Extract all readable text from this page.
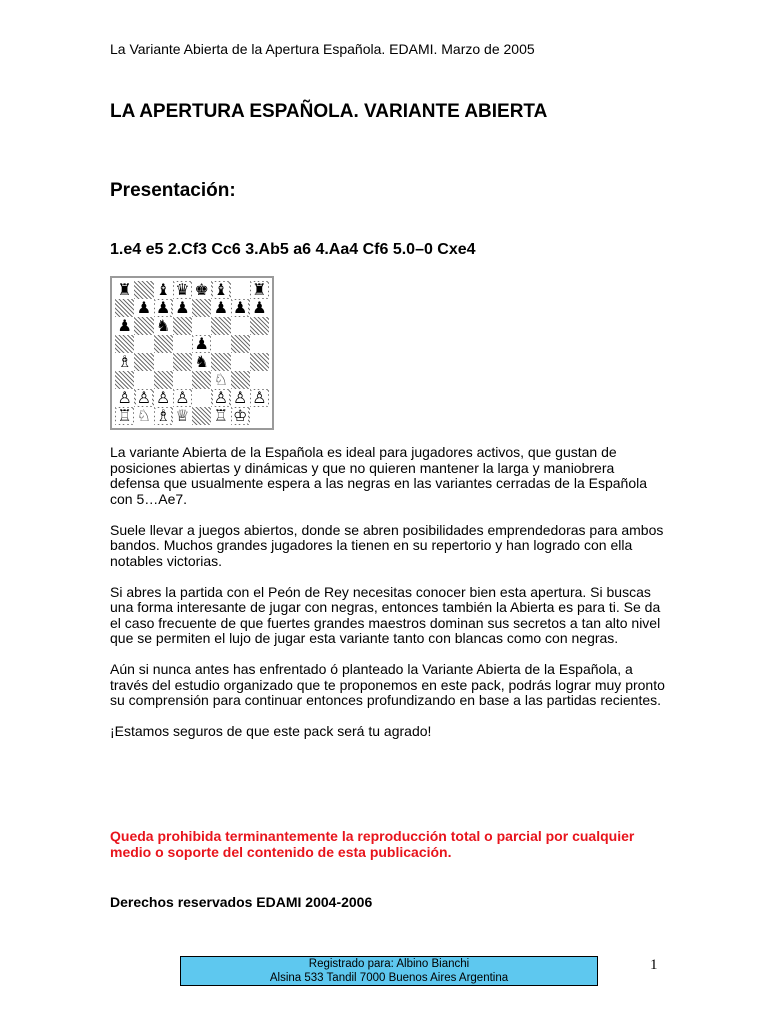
La Variante Abierta de la Apertura Española. EDAMI. Marzo de 2005
LA APERTURA ESPAÑOLA. VARIANTE ABIERTA
Presentación:
1.e4 e5 2.Cf3 Cc6 3.Ab5 a6 4.Aa4 Cf6 5.0–0 Cxe4
♜ ♝ ♛ ♚ ♝ ♜
♟ ♟ ♟ ♟ ♟ ♟
♟ ♞
♟
♗	♞
♘
♙ ♙ ♙ ♙ ♙ ♙ ♙
♖ ♘ ♗ ♕ ♖ ♔

La variante Abierta de la Española es ideal para jugadores activos, que gustan de posiciones abiertas y dinámicas y que no quieren mantener la larga y maniobrera defensa que usualmente espera a las negras en las variantes cerradas de la Española con 5…Ae7.

Suele llevar a juegos abiertos, donde se abren posibilidades emprendedoras para ambos bandos. Muchos grandes jugadores la tienen en su repertorio y han logrado con ella notables victorias.

Si abres la partida con el Peón de Rey necesitas conocer bien esta apertura. Si buscas una forma interesante de jugar con negras, entonces también la Abierta es para ti. Se da el caso frecuente de que fuertes grandes maestros dominan sus secretos a tan alto nivel que se permiten el lujo de jugar esta variante tanto con blancas como con negras.

Aún si nunca antes has enfrentado ó planteado la Variante Abierta de la Española, a través del estudio organizado que te proponemos en este pack, podrás lograr muy pronto su comprensión para continuar entonces profundizando en base a las partidas recientes.

¡Estamos seguros de que este pack será tu agrado!

Queda prohibida terminantemente la reproducción total o parcial por cualquier medio o soporte del contenido de esta publicación.
Derechos reservados EDAMI 2004-2006
Registrado para: Albino Bianchi
Alsina 533 Tandil 7000 Buenos Aires Argentina
1
